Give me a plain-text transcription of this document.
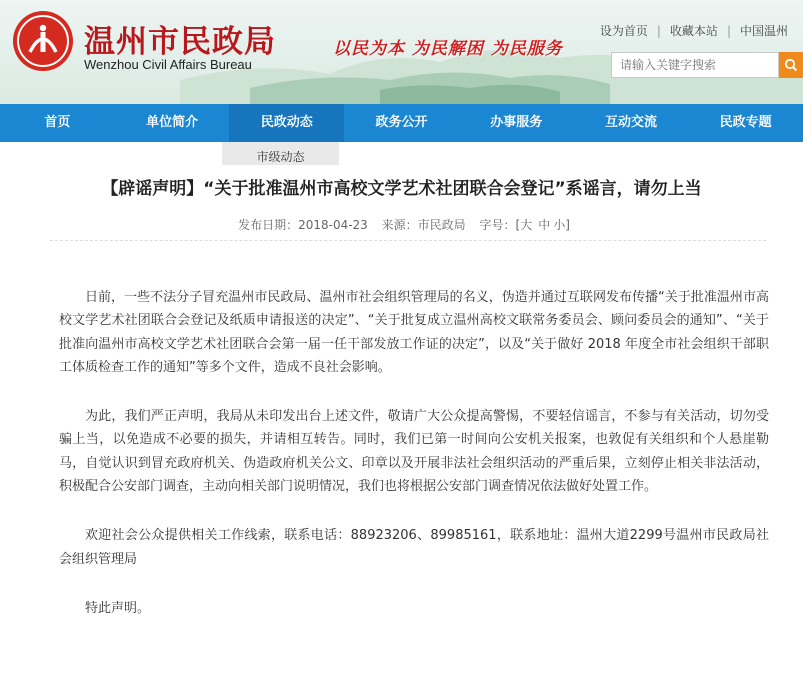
温州市民政局
Wenzhou Civil Affairs Bureau
以民为本 为民解困 为民服务
设为首页 | 收藏本站 | 中国温州
请输入关键字搜索
首页	单位简介	民政动态	政务公开	办事服务	互动交流	民政专题
市级动态
【辟谣声明】“关于批准温州市高校文学艺术社团联合会登记”系谣言，请勿上当
发布日期：2018-04-23 来源：市民政局 字号：[大 中 小]

日前，一些不法分子冒充温州市民政局、温州市社会组织管理局的名义，伪造并通过互联网发布传播“关于批准温州市高校文学艺术社团联合会登记及纸质申请报送的决定”、“关于批复成立温州高校文联常务委员会、顾问委员会的通知”、“关于批准向温州市高校文学艺术社团联合会第一届一任干部发放工作证的决定”，以及“关于做好 2018 年度全市社会组织干部职工体质检查工作的通知”等多个文件，造成不良社会影响。

为此，我们严正声明，我局从未印发出台上述文件，敬请广大公众提高警惕，不要轻信谣言，不参与有关活动，切勿受骗上当，以免造成不必要的损失，并请相互转告。同时，我们已第一时间向公安机关报案，也敦促有关组织和个人悬崖勒马，自觉认识到冒充政府机关、伪造政府机关公文、印章以及开展非法社会组织活动的严重后果，立刻停止相关非法活动，积极配合公安部门调查，主动向相关部门说明情况，我们也将根据公安部门调查情况依法做好处置工作。

欢迎社会公众提供相关工作线索，联系电话：88923206、89985161，联系地址：温州大道2299号温州市民政局社会组织管理局

特此声明。
